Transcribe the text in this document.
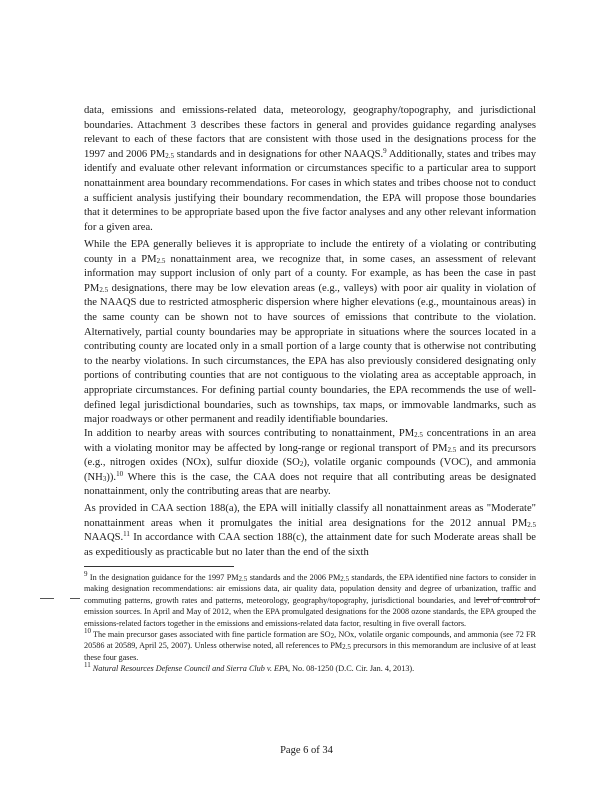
data, emissions and emissions-related data, meteorology, geography/topography, and jurisdictional boundaries. Attachment 3 describes these factors in general and provides guidance regarding analyses relevant to each of these factors that are consistent with those used in the designations process for the 1997 and 2006 PM2.5 standards and in designations for other NAAQS.$^9$ Additionally, states and tribes may identify and evaluate other relevant information or circumstances specific to a particular area to support nonattainment area boundary recommendations. For cases in which states and tribes choose not to conduct a sufficient analysis justifying their boundary recommendation, the EPA will propose those boundaries that it determines to be appropriate based upon the five factor analyses and any other relevant information for a given area.

While the EPA generally believes it is appropriate to include the entirety of a violating or contributing county in a PM2.5 nonattainment area, we recognize that, in some cases, an assessment of relevant information may support inclusion of only part of a county. For example, as has been the case in past PM2.5 designations, there may be low elevation areas (e.g., valleys) with poor air quality in violation of the NAAQS due to restricted atmospheric dispersion where higher elevations (e.g., mountainous areas) in the same county can be shown not to have sources of emissions that contribute to the violation. Alternatively, partial county boundaries may be appropriate in situations where the sources located in a contributing county are located only in a small portion of a large county that is otherwise not contributing to the nearby violations. In such circumstances, the EPA has also previously considered designating only portions of contributing counties that are not contiguous to the violating area as acceptable approach, in appropriate circumstances. For defining partial county boundaries, the EPA recommends the use of well-defined legal jurisdictional boundaries, such as townships, tax maps, or immovable landmarks, such as major roadways or other permanent and readily identifiable boundaries.

In addition to nearby areas with sources contributing to nonattainment, PM2.5 concentrations in an area with a violating monitor may be affected by long-range or regional transport of PM2.5 and its precursors (e.g., nitrogen oxides (NOx), sulfur dioxide (SO2), volatile organic compounds (VOC), and ammonia (NH3)).$^{10}$ Where this is the case, the CAA does not require that all contributing areas be designated nonattainment, only the contributing areas that are nearby.

As provided in CAA section 188(a), the EPA will initially classify all nonattainment areas as "Moderate" nonattainment areas when it promulgates the initial area designations for the 2012 annual PM2.5 NAAQS.$^{11}$ In accordance with CAA section 188(c), the attainment date for such Moderate areas shall be as expeditiously as practicable but no later than the end of the sixth

9 In the designation guidance for the 1997 PM2.5 standards and the 2006 PM2.5 standards, the EPA identified nine factors to consider in making designation recommendations: air emissions data, air quality data, population density and degree of urbanization, traffic and commuting patterns, growth rates and patterns, meteorology, geography/topography, jurisdictional boundaries, and level of control of emission sources. In April and May of 2012, when the EPA promulgated designations for the 2008 ozone standards, the EPA grouped the emissions-related factors together in the emissions and emissions-related data factor, resulting in five overall factors.

10 The main precursor gases associated with fine particle formation are SO2, NOx, volatile organic compounds, and ammonia (see 72 FR 20586 at 20589, April 25, 2007). Unless otherwise noted, all references to PM2.5 precursors in this memorandum are inclusive of at least these four gases.

11 Natural Resources Defense Council and Sierra Club v. EPA, No. 08-1250 (D.C. Cir. Jan. 4, 2013).

Page 6 of 34
